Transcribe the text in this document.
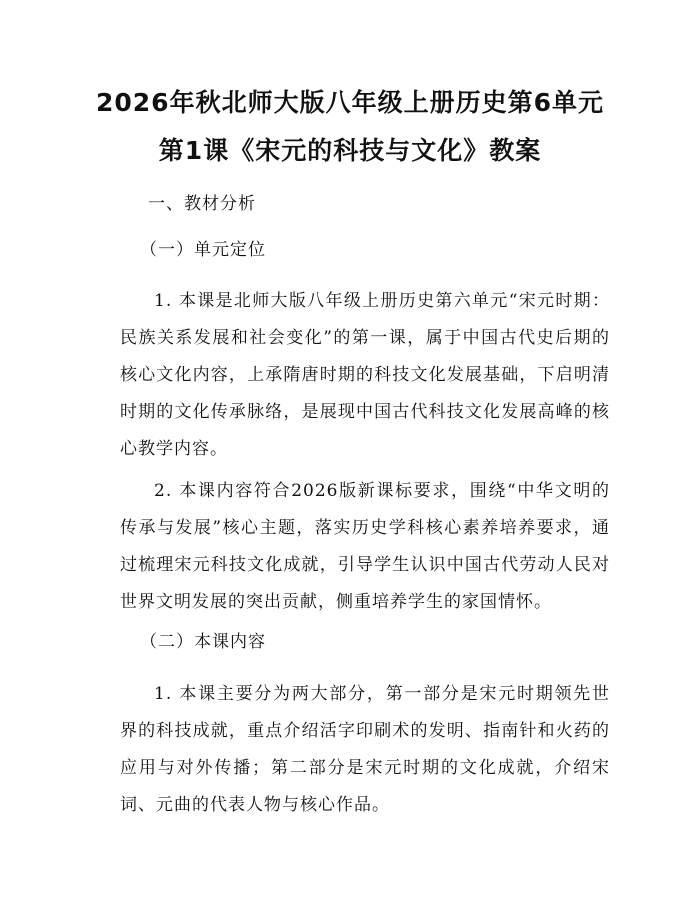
2026年秋北师大版八年级上册历史第6单元
第1课《宋元的科技与文化》教案
一、教材分析
（一）单元定位
1. 本课是北师大版八年级上册历史第六单元“宋元时期：民族关系发展和社会变化”的第一课，属于中国古代史后期的核心文化内容，上承隋唐时期的科技文化发展基础，下启明清时期的文化传承脉络，是展现中国古代科技文化发展高峰的核心教学内容。
2. 本课内容符合2026版新课标要求，围绕“中华文明的传承与发展”核心主题，落实历史学科核心素养培养要求，通过梳理宋元科技文化成就，引导学生认识中国古代劳动人民对世界文明发展的突出贡献，侧重培养学生的家国情怀。
（二）本课内容
1. 本课主要分为两大部分，第一部分是宋元时期领先世界的科技成就，重点介绍活字印刷术的发明、指南针和火药的应用与对外传播；第二部分是宋元时期的文化成就，介绍宋词、元曲的代表人物与核心作品。
